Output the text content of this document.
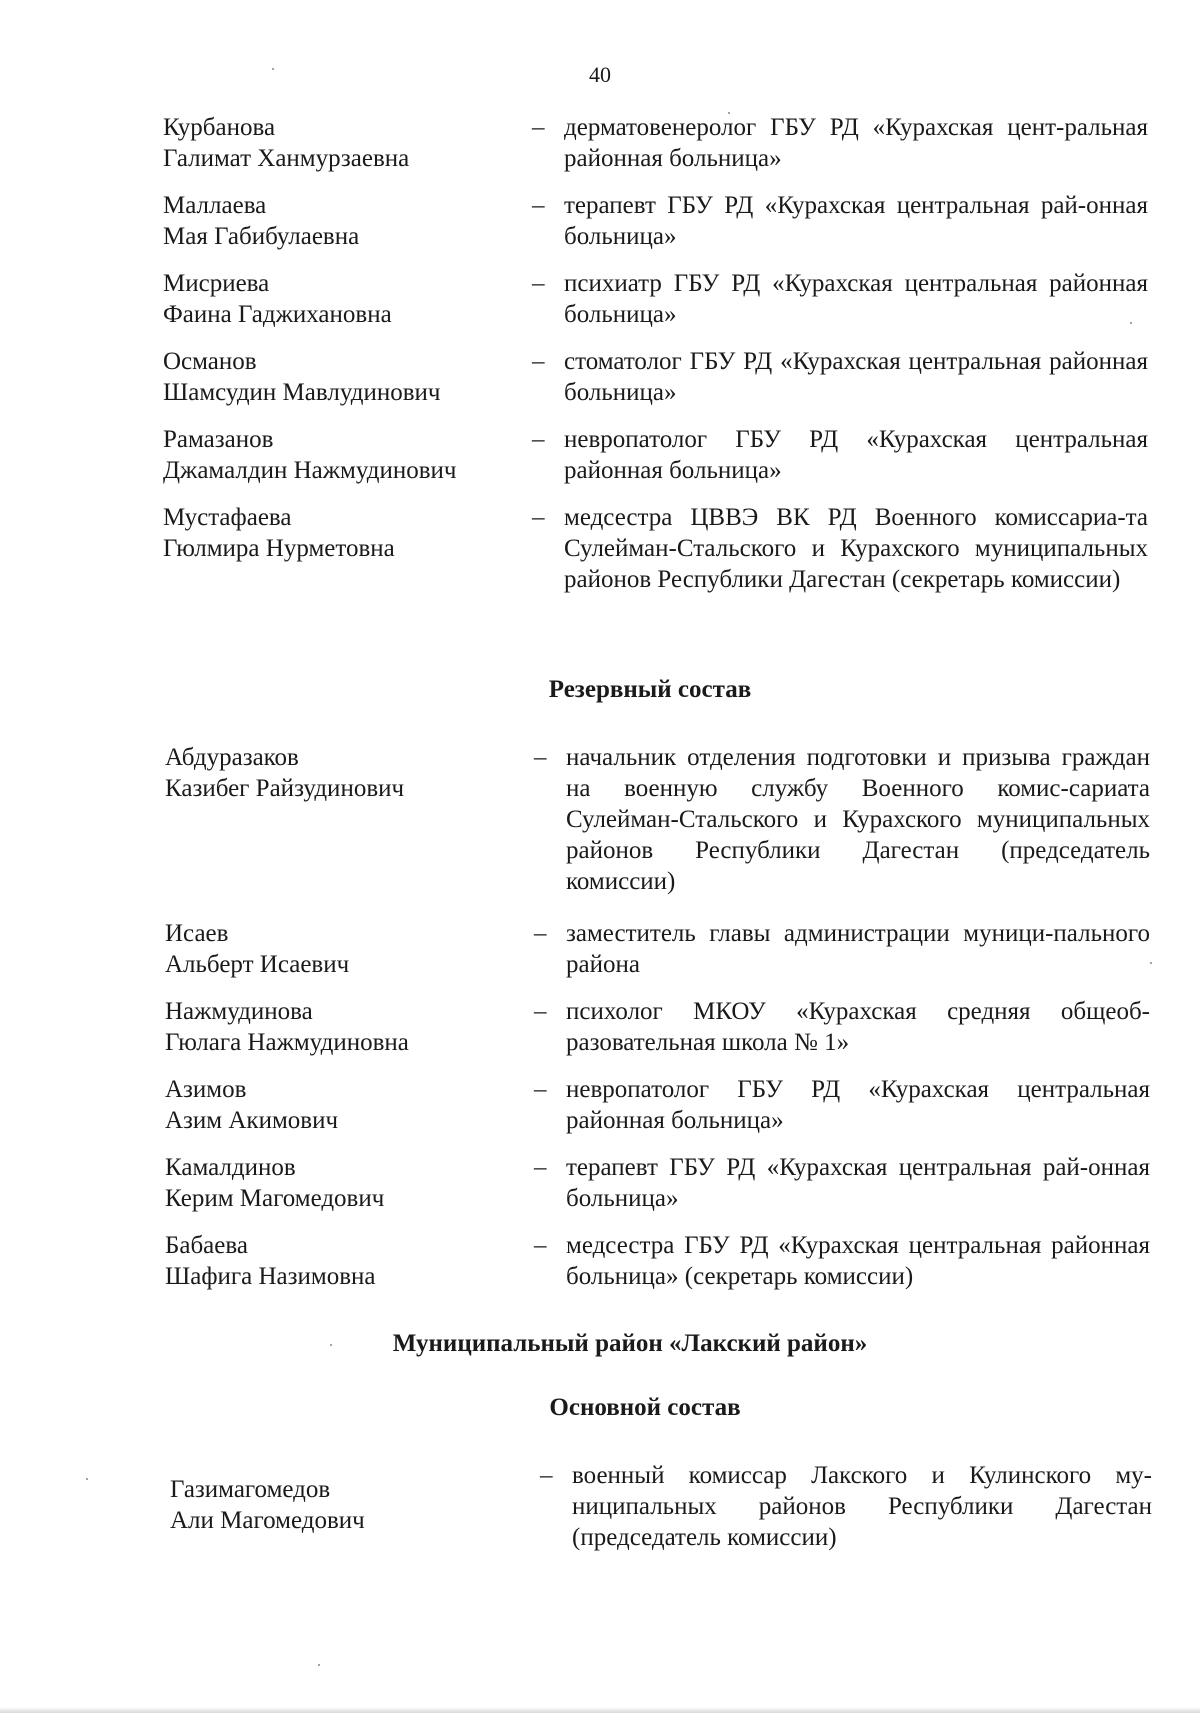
40
Курбанова
Галимат Ханмурзаевна
– дерматовенеролог ГБУ РД «Курахская цент-ральная районная больница»
Маллаева
Мая Габибулаевна
– терапевт ГБУ РД «Курахская центральная рай-онная больница»
Мисриева
Фаина Гаджихановна
– психиатр ГБУ РД «Курахская центральная районная больница»
Османов
Шамсудин Мавлудинович
– стоматолог ГБУ РД «Курахская центральная районная больница»
Рамазанов
Джамалдин Нажмудинович
– невропатолог ГБУ РД «Курахская центральная районная больница»
Мустафаева
Гюлмира Нурметовна
– медсестра ЦВВЭ ВК РД Военного комиссариа-та Сулейман-Стальского и Курахского муниципальных районов Республики Дагестан (секретарь комиссии)
Резервный состав
Абдуразаков
Казибег Райзудинович
– начальник отделения подготовки и призыва граждан на военную службу Военного комис-сариата Сулейман-Стальского и Курахского муниципальных районов Республики Дагестан (председатель комиссии)
Исаев
Альберт Исаевич
– заместитель главы администрации муници-пального района
Нажмудинова
Гюлага Нажмудиновна
– психолог МКОУ «Курахская средняя общеоб-разовательная школа № 1»
Азимов
Азим Акимович
– невропатолог ГБУ РД «Курахская центральная районная больница»
Камалдинов
Керим Магомедович
– терапевт ГБУ РД «Курахская центральная рай-онная больница»
Бабаева
Шафига Назимовна
– медсестра ГБУ РД «Курахская центральная районная больница» (секретарь комиссии)
Муниципальный район «Лакский район»
Основной состав
Газимагомедов
Али Магомедович
– военный комиссар Лакского и Кулинского му-ниципальных районов Республики Дагестан (председатель комиссии)
